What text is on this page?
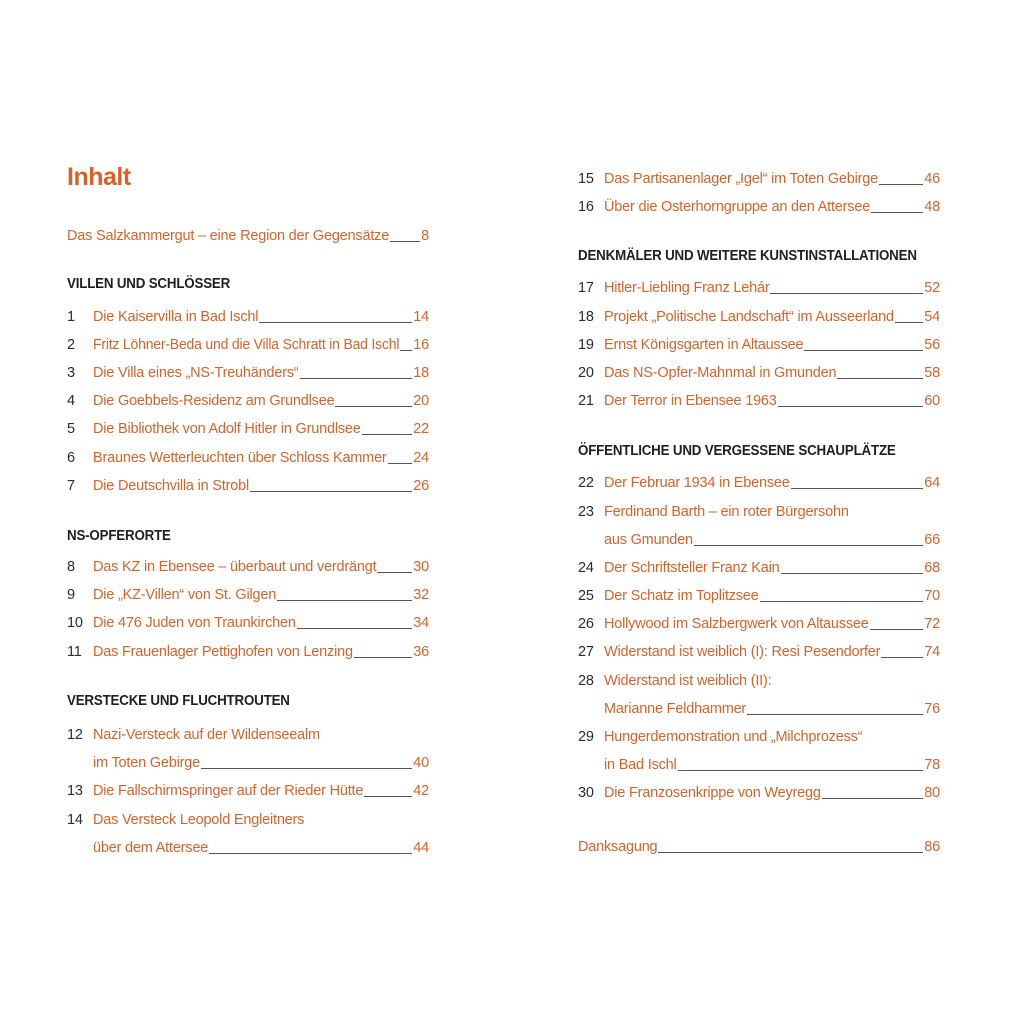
Inhalt
Das Salzkammergut – eine Region der Gegensätze 8
VILLEN UND SCHLÖSSER
1	Die Kaiservilla in Bad Ischl	14
2	Fritz Löhner-Beda und die Villa Schratt in Bad Ischl 16
3	Die Villa eines „NS-Treuhänders“	18
4	Die Goebbels-Residenz am Grundlsee	20
5	Die Bibliothek von Adolf Hitler in Grundlsee	22
6	Braunes Wetterleuchten über Schloss Kammer 24
7	Die Deutschvilla in Strobl	26
NS-OPFERORTE
8	Das KZ in Ebensee – überbaut und verdrängt	30
9	Die „KZ-Villen“ von St. Gilgen	32
10 Die 476 Juden von Traunkirchen	34
11 Das Frauenlager Pettighofen von Lenzing	36
VERSTECKE UND FLUCHTROUTEN
12 Nazi-Versteck auf der Wildenseealm
im Toten Gebirge	40
13 Die Fallschirmspringer auf der Rieder Hütte	42
14 Das Versteck Leopold Engleitners
über dem Attersee	44
15 Das Partisanenlager „Igel“ im Toten Gebirge	46
16 Über die Osterhorngruppe an den Attersee	48
DENKMÄLER UND WEITERE KUNSTINSTALLATIONEN
17 Hitler-Liebling Franz Lehár	52
18 Projekt „Politische Landschaft“ im Ausseerland 54
19 Ernst Königsgarten in Altaussee	56
20 Das NS-Opfer-Mahnmal in Gmunden	58
21 Der Terror in Ebensee 1963	60
ÖFFENTLICHE UND VERGESSENE SCHAUPLÄTZE
22 Der Februar 1934 in Ebensee	64
23 Ferdinand Barth – ein roter Bürgersohn
aus Gmunden	66
24 Der Schriftsteller Franz Kain	68
25 Der Schatz im Toplitzsee	70
26 Hollywood im Salzbergwerk von Altaussee	72
27 Widerstand ist weiblich (I): Resi Pesendorfer	74
28 Widerstand ist weiblich (II):
Marianne Feldhammer	76
29 Hungerdemonstration und „Milchprozess“
in Bad Ischl	78
30 Die Franzosenkrippe von Weyregg	80
Danksagung	86
